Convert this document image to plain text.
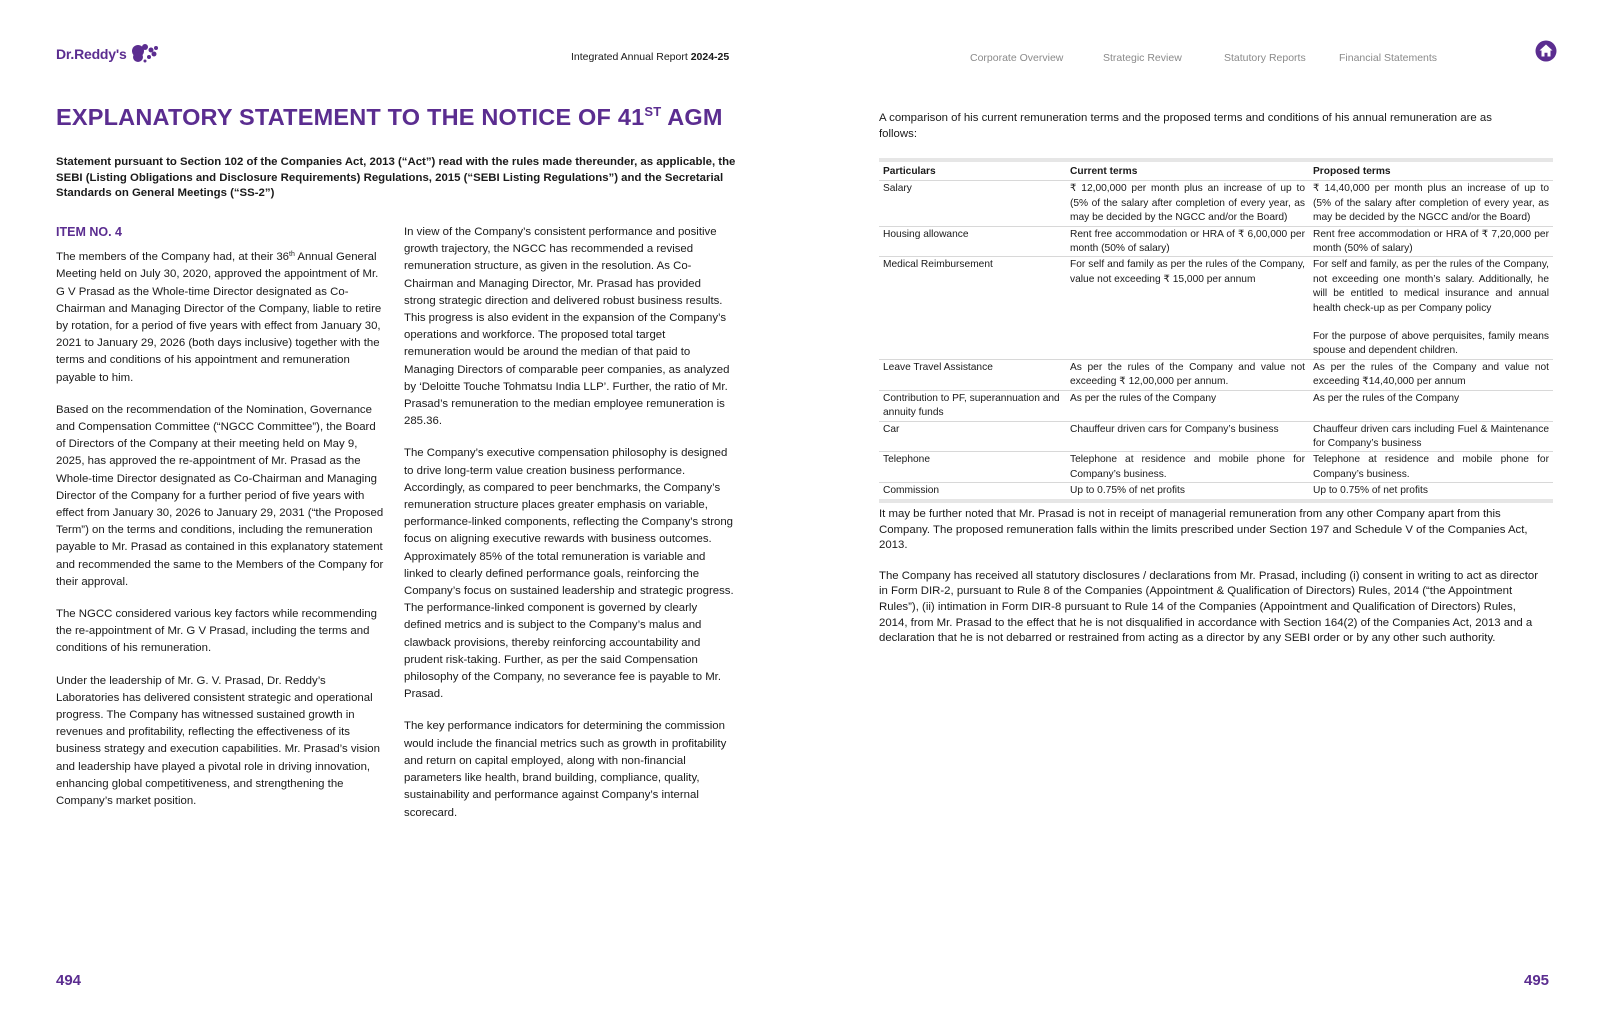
Dr.Reddy's	Integrated Annual Report 2024-25	Corporate Overview	Strategic Review	Statutory Reports	Financial Statements
EXPLANATORY STATEMENT TO THE NOTICE OF 41ST AGM

Statement pursuant to Section 102 of the Companies Act, 2013 (“Act”) read with the rules made thereunder, as applicable, the SEBI (Listing Obligations and Disclosure Requirements) Regulations, 2015 (“SEBI Listing Regulations”) and the Secretarial Standards on General Meetings (“SS-2”)

ITEM NO. 4

The members of the Company had, at their 36th Annual General Meeting held on July 30, 2020, approved the appointment of Mr. G V Prasad as the Whole-time Director designated as Co-Chairman and Managing Director of the Company, liable to retire by rotation, for a period of five years with effect from January 30, 2021 to January 29, 2026 (both days inclusive) together with the terms and conditions of his appointment and remuneration payable to him.

Based on the recommendation of the Nomination, Governance and Compensation Committee (“NGCC Committee”), the Board of Directors of the Company at their meeting held on May 9, 2025, has approved the re-appointment of Mr. Prasad as the Whole-time Director designated as Co-Chairman and Managing Director of the Company for a further period of five years with effect from January 30, 2026 to January 29, 2031 (“the Proposed Term”) on the terms and conditions, including the remuneration payable to Mr. Prasad as contained in this explanatory statement and recommended the same to the Members of the Company for their approval.

The NGCC considered various key factors while recommending the re-appointment of Mr. G V Prasad, including the terms and conditions of his remuneration.

Under the leadership of Mr. G. V. Prasad, Dr. Reddy’s Laboratories has delivered consistent strategic and operational progress. The Company has witnessed sustained growth in revenues and profitability, reflecting the effectiveness of its business strategy and execution capabilities. Mr. Prasad’s vision and leadership have played a pivotal role in driving innovation, enhancing global competitiveness, and strengthening the Company’s market position.

In view of the Company’s consistent performance and positive growth trajectory, the NGCC has recommended a revised remuneration structure, as given in the resolution. As Co-Chairman and Managing Director, Mr. Prasad has provided strong strategic direction and delivered robust business results. This progress is also evident in the expansion of the Company’s operations and workforce. The proposed total target remuneration would be around the median of that paid to Managing Directors of comparable peer companies, as analyzed by ‘Deloitte Touche Tohmatsu India LLP’. Further, the ratio of Mr. Prasad’s remuneration to the median employee remuneration is 285.36.

The Company’s executive compensation philosophy is designed to drive long-term value creation business performance. Accordingly, as compared to peer benchmarks, the Company’s remuneration structure places greater emphasis on variable, performance-linked components, reflecting the Company’s strong focus on aligning executive rewards with business outcomes. Approximately 85% of the total remuneration is variable and linked to clearly defined performance goals, reinforcing the Company’s focus on sustained leadership and strategic progress. The performance-linked component is governed by clearly defined metrics and is subject to the Company’s malus and clawback provisions, thereby reinforcing accountability and prudent risk-taking. Further, as per the said Compensation philosophy of the Company, no severance fee is payable to Mr. Prasad.

The key performance indicators for determining the commission would include the financial metrics such as growth in profitability and return on capital employed, along with non-financial parameters like health, brand building, compliance, quality, sustainability and performance against Company’s internal scorecard.

494

A comparison of his current remuneration terms and the proposed terms and conditions of his annual remuneration are as follows:

Particulars	Current terms	Proposed terms
Salary	₹ 12,00,000 per month plus an increase of up to (5% of the salary after completion of every year, as may be decided by the NGCC and/or the Board)	₹ 14,40,000 per month plus an increase of up to (5% of the salary after completion of every year, as may be decided by the NGCC and/or the Board)
Housing allowance	Rent free accommodation or HRA of ₹ 6,00,000 per month (50% of salary)	Rent free accommodation or HRA of ₹ 7,20,000 per month (50% of salary)
Medical Reimbursement	For self and family as per the rules of the Company, value not exceeding ₹ 15,000 per annum	For self and family, as per the rules of the Company, not exceeding one month’s salary. Additionally, he will be entitled to medical insurance and annual health check-up as per Company policy
For the purpose of above perquisites, family means spouse and dependent children.

Leave Travel Assistance	As per the rules of the Company and value not exceeding ₹ 12,00,000 per annum.	As per the rules of the Company and value not exceeding ₹14,40,000 per annum
Contribution to PF, superannuation and annuity funds	As per the rules of the Company	As per the rules of the Company
Car	Chauffeur driven cars for Company’s business	Chauffeur driven cars including Fuel & Maintenance for Company’s business
Telephone	Telephone at residence and mobile phone for Company’s business.	Telephone at residence and mobile phone for Company’s business.
Commission	Up to 0.75% of net profits	Up to 0.75% of net profits

It may be further noted that Mr. Prasad is not in receipt of managerial remuneration from any other Company apart from this Company. The proposed remuneration falls within the limits prescribed under Section 197 and Schedule V of the Companies Act, 2013.

The Company has received all statutory disclosures / declarations from Mr. Prasad, including (i) consent in writing to act as director in Form DIR-2, pursuant to Rule 8 of the Companies (Appointment & Qualification of Directors) Rules, 2014 (“the Appointment Rules”), (ii) intimation in Form DIR-8 pursuant to Rule 14 of the Companies (Appointment and Qualification of Directors) Rules, 2014, from Mr. Prasad to the effect that he is not disqualified in accordance with Section 164(2) of the Companies Act, 2013 and a declaration that he is not debarred or restrained from acting as a director by any SEBI order or by any other such authority.

495
